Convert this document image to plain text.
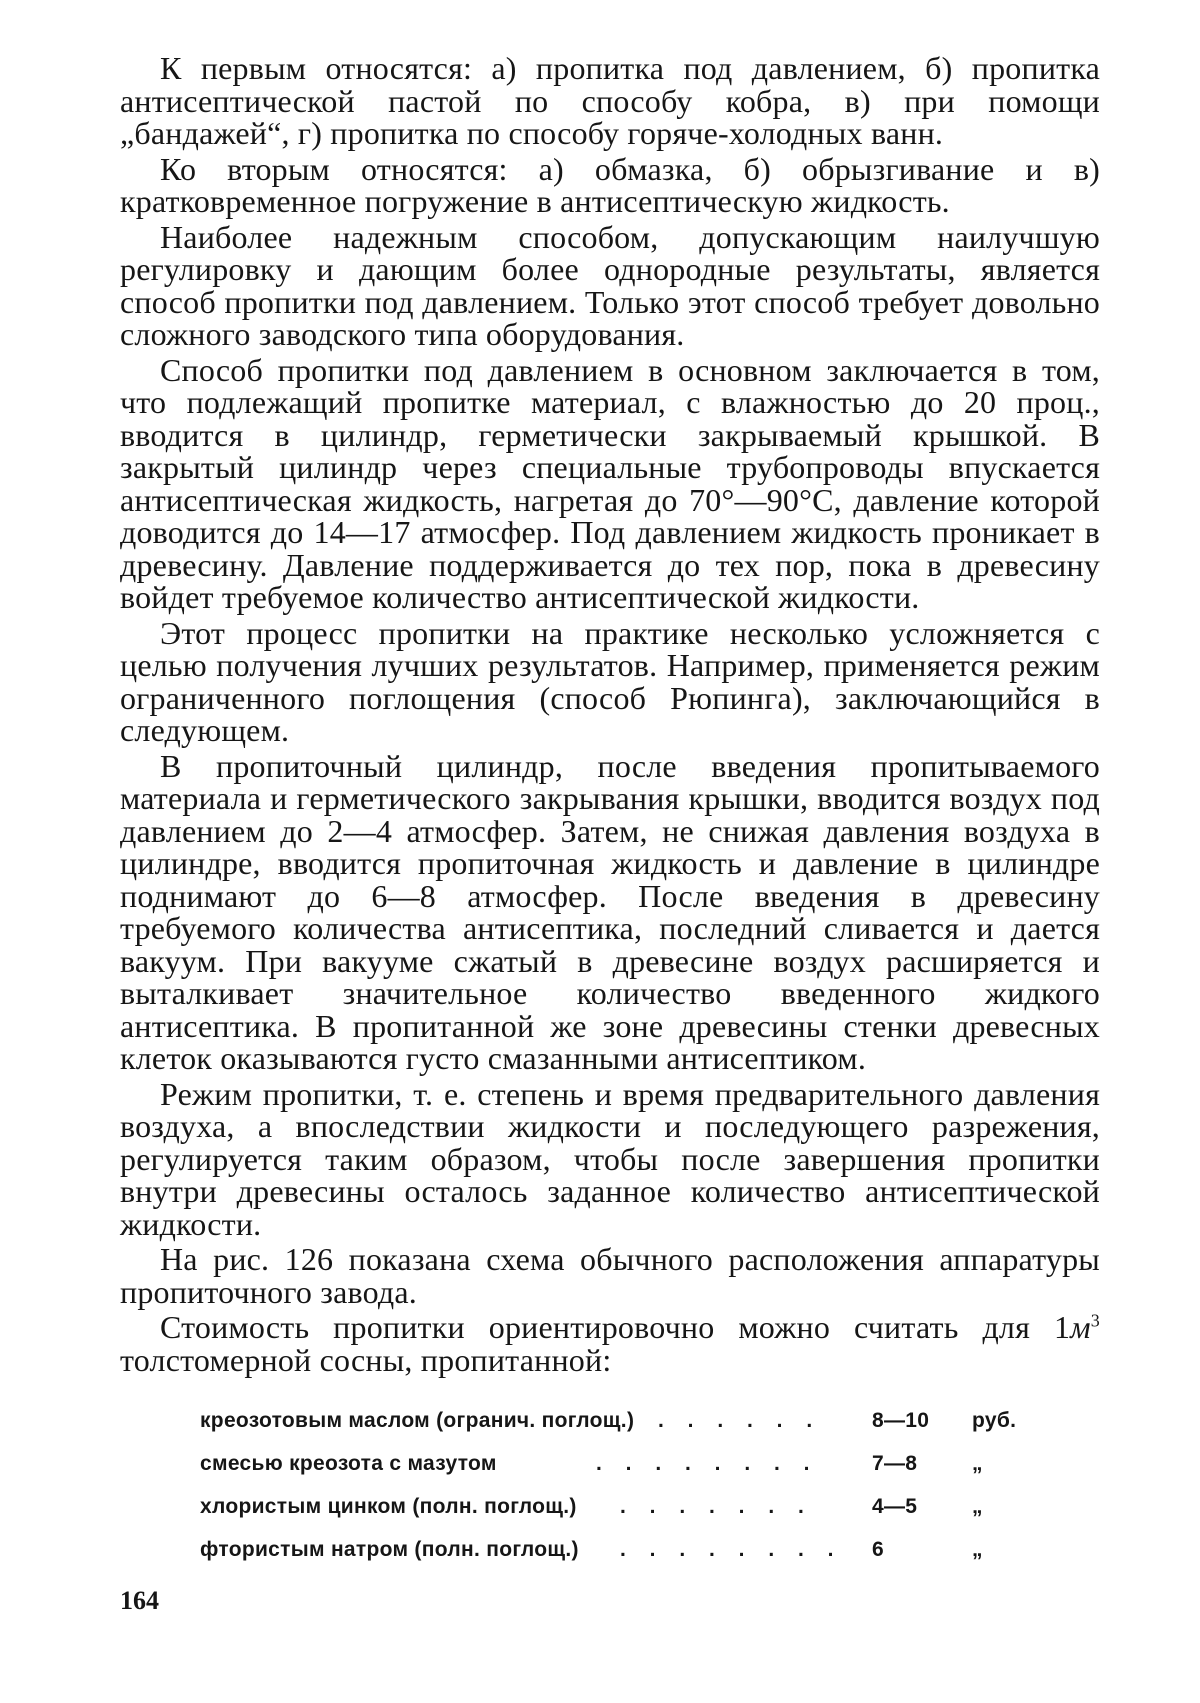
К первым относятся: а) пропитка под давлением, б) пропитка антисептической пастой по способу кобра, в) при помощи „бандажей“, г) пропитка по способу горяче-холодных ванн.

Ко вторым относятся: а) обмазка, б) обрызгивание и в) кратковременное погружение в антисептическую жидкость.

Наиболее надежным способом, допускающим наилучшую регулировку и дающим более однородные результаты, является способ пропитки под давлением. Только этот способ требует довольно сложного заводского типа оборудования.

Способ пропитки под давлением в основном заключается в том, что подлежащий пропитке материал, с влажностью до 20 проц., вводится в цилиндр, герметически закрываемый крышкой. В закрытый цилиндр через специальные трубопроводы впускается антисептическая жидкость, нагретая до 70°—90°С, давление которой доводится до 14—17 атмосфер. Под давлением жидкость проникает в древесину. Давление поддерживается до тех пор, пока в древесину войдет требуемое количество антисептической жидкости.

Этот процесс пропитки на практике несколько усложняется с целью получения лучших результатов. Например, применяется режим ограниченного поглощения (способ Рюпинга), заключающийся в следующем.

В пропиточный цилиндр, после введения пропитываемого материала и герметического закрывания крышки, вводится воздух под давлением до 2—4 атмосфер. Затем, не снижая давления воздуха в цилиндре, вводится пропиточная жидкость и давление в цилиндре поднимают до 6—8 атмосфер. После введения в древесину требуемого количества антисептика, последний сливается и дается вакуум. При вакууме сжатый в древесине воздух расширяется и выталкивает значительное количество введенного жидкого антисептика. В пропитанной же зоне древесины стенки древесных клеток оказываются густо смазанными антисептиком.

Режим пропитки, т. е. степень и время предварительного давления воздуха, а впоследствии жидкости и последующего разрежения, регулируется таким образом, чтобы после завершения пропитки внутри древесины осталось заданное количество антисептической жидкости.

На рис. 126 показана схема обычного расположения аппаратуры пропиточного завода.

Стоимость пропитки ориентировочно можно считать для $1м^3$ толстомерной сосны, пропитанной:

креозотовым маслом (огранич. поглощ.) . . . . . . 8—10 руб.
смесью креозота с мазутом	. . . . . . . .	7—8	„
хлористым цинком (полн. поглощ.) . . . . . . .	4—5	„
фтористым натром (полн. поглощ.) . . . . . . . . 6	„
164
